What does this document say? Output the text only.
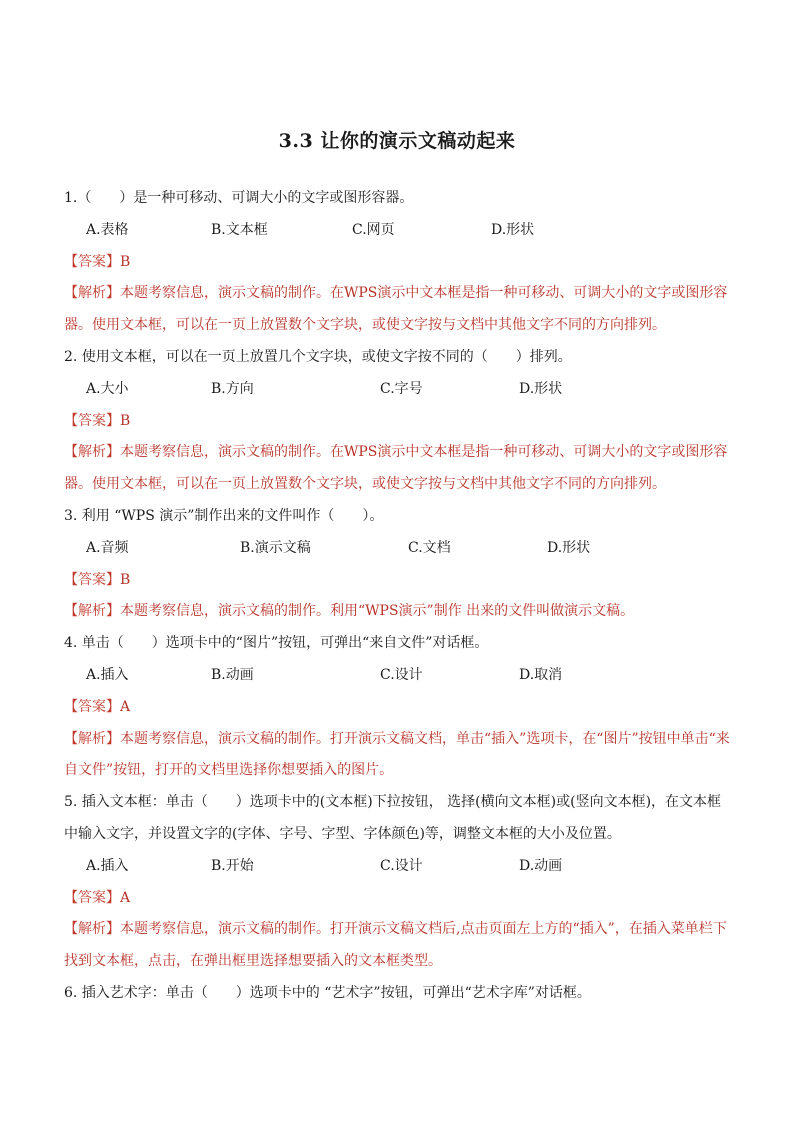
3.3 让你的演示文稿动起来
1.（　　）是一种可移动、可调大小的文字或图形容器。
A.表格	B.文本框	C.网页	D.形状
【答案】B
【解析】本题考察信息，演示文稿的制作。在WPS演示中文本框是指一种可移动、可调大小的文字或图形容器。使用文本框，可以在一页上放置数个文字块，或使文字按与文档中其他文字不同的方向排列。
2. 使用文本框，可以在一页上放置几个文字块，或使文字按不同的（　　）排列。
A.大小	B.方向	C.字号	D.形状
【答案】B
【解析】本题考察信息，演示文稿的制作。在WPS演示中文本框是指一种可移动、可调大小的文字或图形容器。使用文本框，可以在一页上放置数个文字块，或使文字按与文档中其他文字不同的方向排列。
3. 利用 “WPS 演示”制作出来的文件叫作（　　）。
A.音频	B.演示文稿	C.文档	D.形状
【答案】B
【解析】本题考察信息，演示文稿的制作。利用“WPS演示”制作 出来的文件叫做演示文稿。
4. 单击（　　）选项卡中的“图片”按钮，可弹出“来自文件”对话框。
A.插入	B.动画	C.设计	D.取消
【答案】A
【解析】本题考察信息，演示文稿的制作。打开演示文稿文档，单击“插入”选项卡，在“图片”按钮中单击“来自文件”按钮，打开的文档里选择你想要插入的图片。
5. 插入文本框：单击（　　）选项卡中的(文本框)下拉按钮， 选择(横向文本框)或(竖向文本框)，在文本框中输入文字，并设置文字的(字体、字号、字型、字体颜色)等，调整文本框的大小及位置。
A.插入	B.开始	C.设计	D.动画
【答案】A
【解析】本题考察信息，演示文稿的制作。打开演示文稿文档后,点击页面左上方的“插入”，在插入菜单栏下找到文本框，点击，在弹出框里选择想要插入的文本框类型。
6. 插入艺术字：单击（　　）选项卡中的 “艺术字”按钮，可弹出“艺术字库”对话框。
